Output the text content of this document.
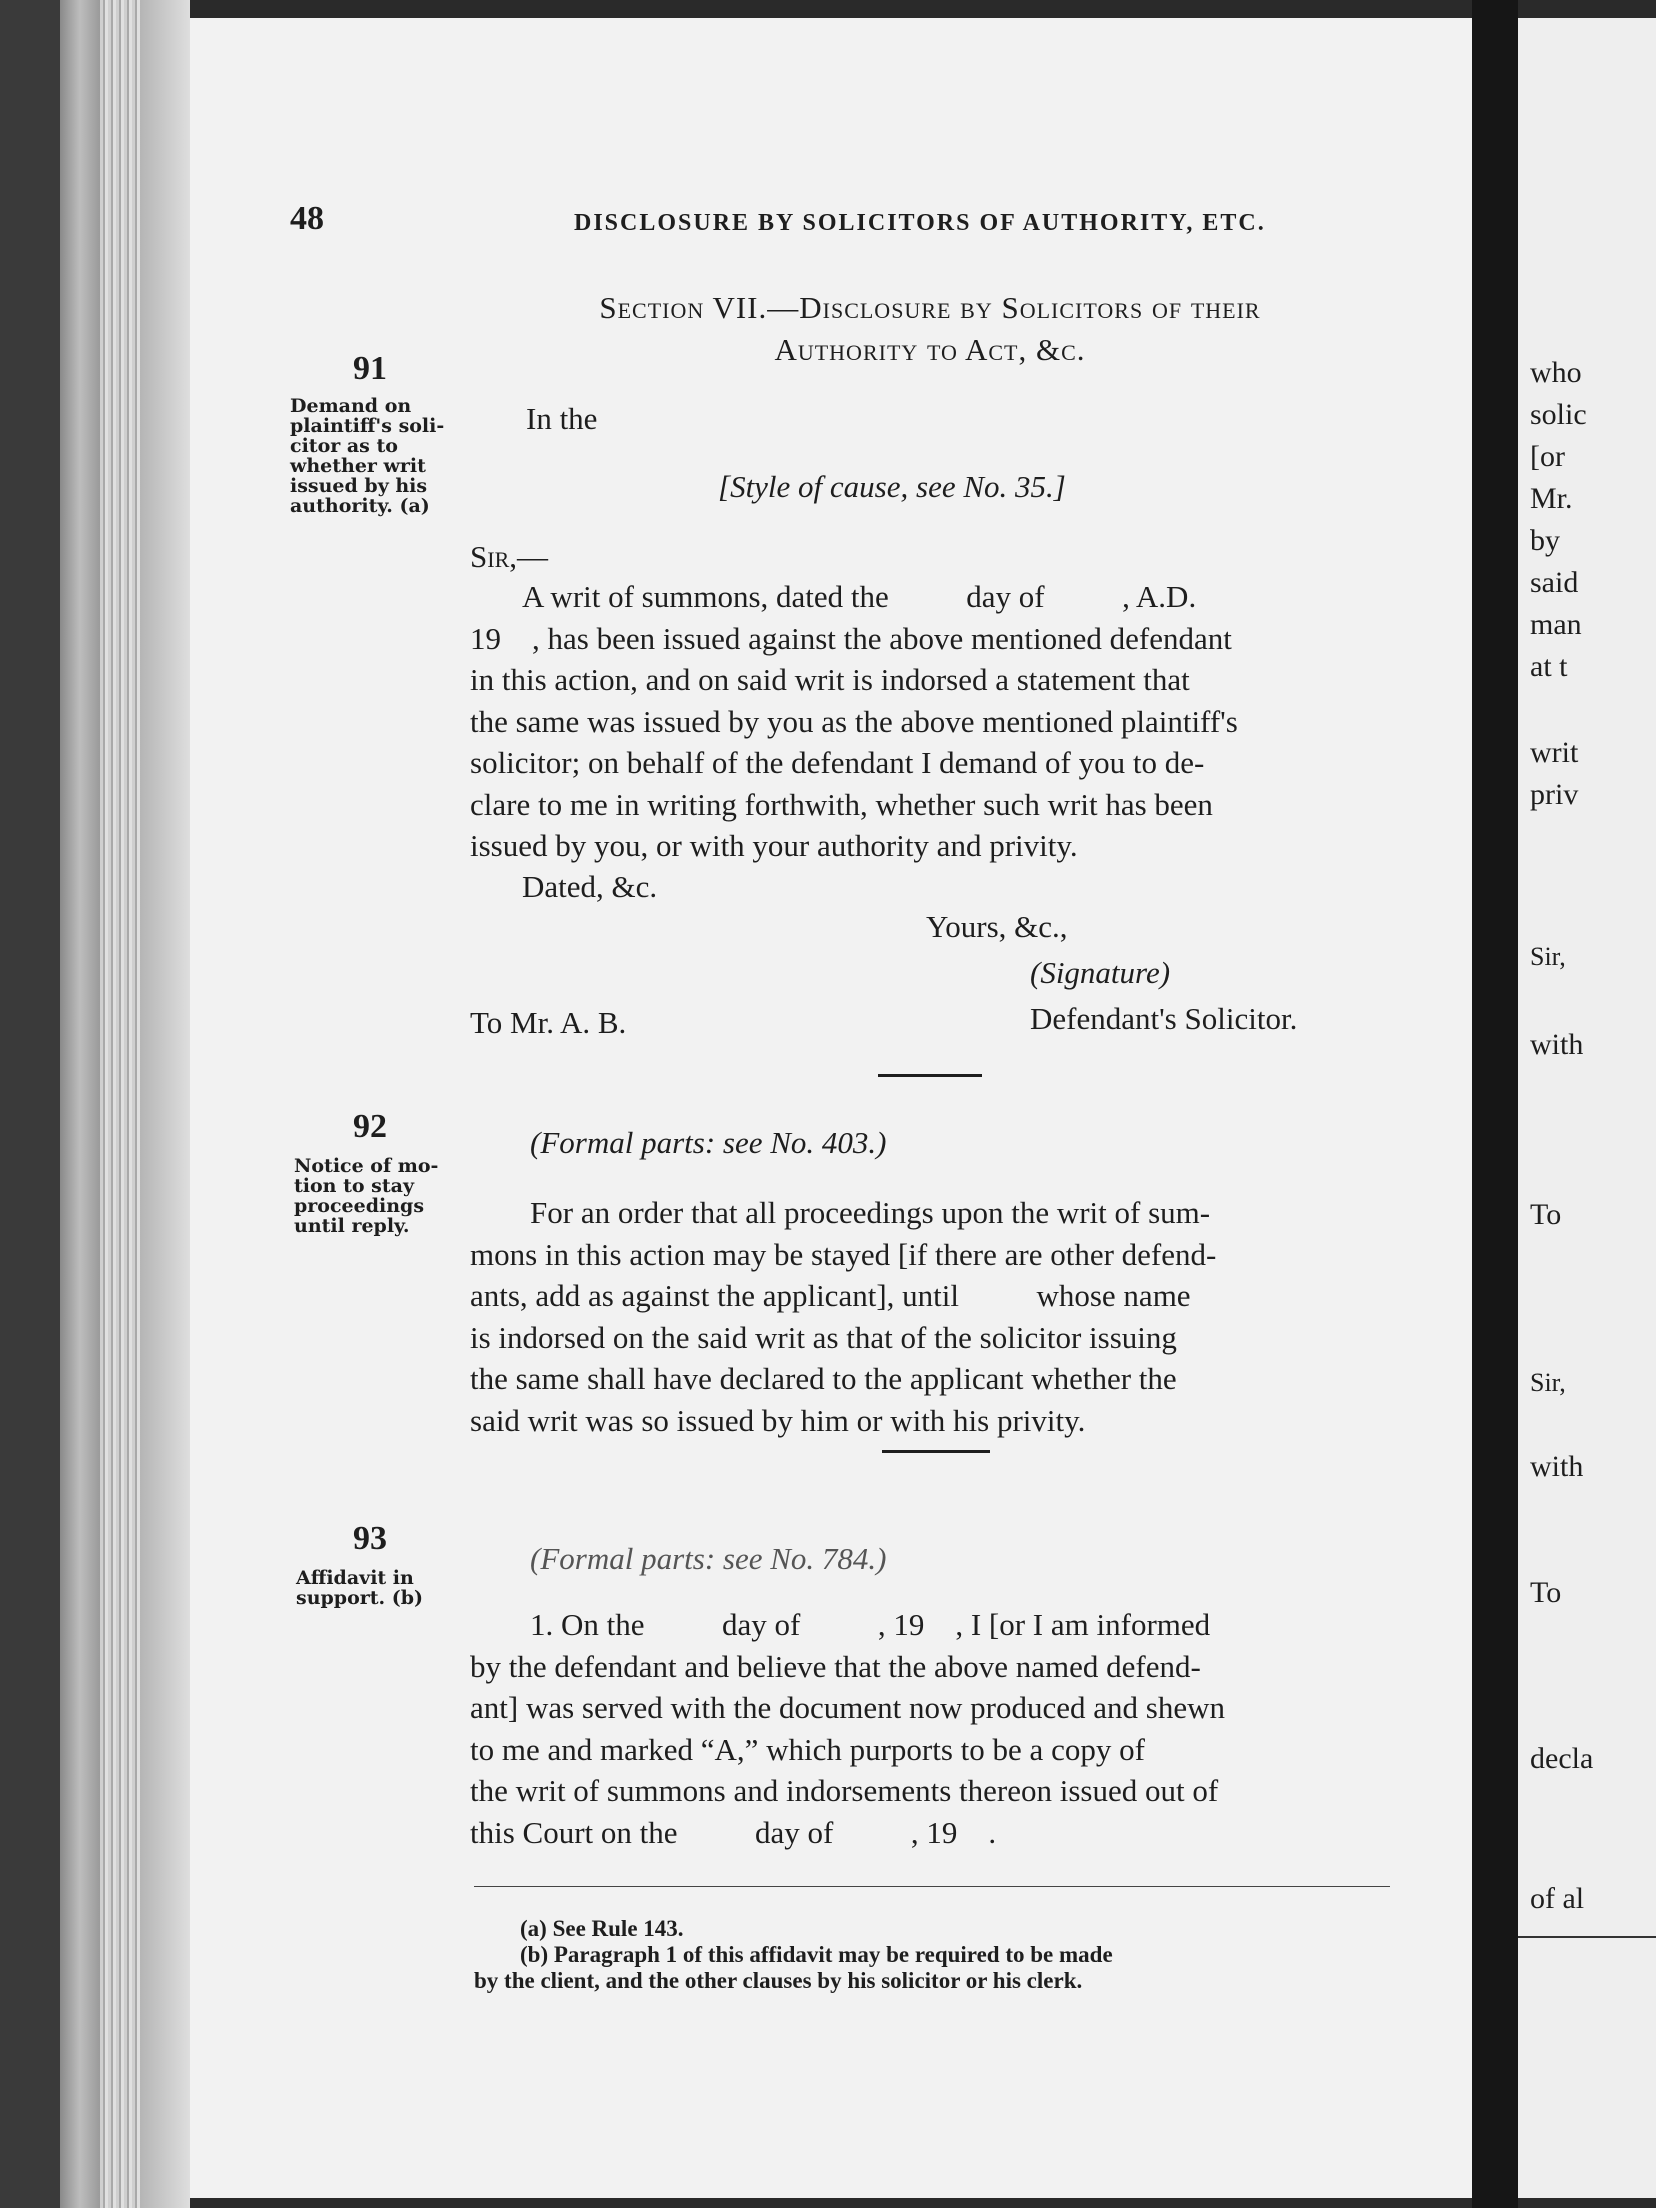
who
solic
[or
Mr.
by
said
man
at t
writ
priv
Sir,
with
To
Sir,
with
To
decla
of al
48	DISCLOSURE BY SOLICITORS OF AUTHORITY, ETC.
Section VII.—Disclosure by Solicitors of their
Authority to Act, &c.
91
Demand on
plaintiff's soli-
citor as to
whether writ
issued by his
authority. (a)
In the
[Style of cause, see No. 35.]
Sir,—
A writ of summons, dated the          day of          , A.D.
19    , has been issued against the above mentioned defendant
in this action, and on said writ is indorsed a statement that
the same was issued by you as the above mentioned plaintiff's
solicitor; on behalf of the defendant I demand of you to de-
clare to me in writing forthwith, whether such writ has been
issued by you, or with your authority and privity.
Dated, &c.
Yours, &c.,
(Signature)
To Mr. A. B.	Defendant's Solicitor.
92
Notice of mo-
tion to stay
proceedings
until reply.
(Formal parts: see No. 403.)
For an order that all proceedings upon the writ of sum-
mons in this action may be stayed [if there are other defend-
ants, add as against the applicant], until          whose name
is indorsed on the said writ as that of the solicitor issuing
the same shall have declared to the applicant whether the
said writ was so issued by him or with his privity.
93
Affidavit in
support. (b)
(Formal parts: see No. 784.)
1. On the          day of          , 19    , I [or I am informed
by the defendant and believe that the above named defend-
ant] was served with the document now produced and shewn
to me and marked “A,” which purports to be a copy of
the writ of summons and indorsements thereon issued out of
this Court on the          day of          , 19    .
(a) See Rule 143.
(b) Paragraph 1 of this affidavit may be required to be made
by the client, and the other clauses by his solicitor or his clerk.
